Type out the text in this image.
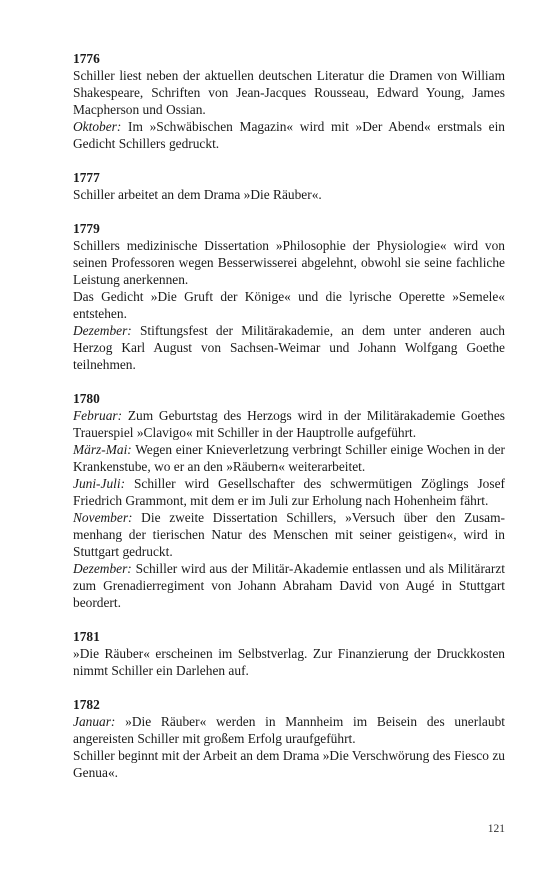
1776
Schiller liest neben der aktuellen deutschen Literatur die Dramen von William Shakespeare, Schriften von Jean-Jacques Rousseau, Edward Young, James Macpherson und Ossian.
Oktober: Im »Schwäbischen Magazin« wird mit »Der Abend« erstmals ein Gedicht Schillers gedruckt.
1777
Schiller arbeitet an dem Drama »Die Räuber«.
1779
Schillers medizinische Dissertation »Philosophie der Physiologie« wird von seinen Professoren wegen Besserwisserei abgelehnt, obwohl sie seine fachliche Leistung anerkennen.
Das Gedicht »Die Gruft der Könige« und die lyrische Operette »Semele« entstehen.
Dezember: Stiftungsfest der Militärakademie, an dem unter anderen auch Herzog Karl August von Sachsen-Weimar und Johann Wolfgang Goethe teilnehmen.
1780
Februar: Zum Geburtstag des Herzogs wird in der Militärakademie Goethes Trauerspiel »Clavigo« mit Schiller in der Hauptrolle aufgeführt.
März-Mai: Wegen einer Knieverletzung verbringt Schiller einige Wochen in der Krankenstube, wo er an den »Räubern« weiterarbeitet.
Juni-Juli: Schiller wird Gesellschafter des schwermütigen Zöglings Josef Friedrich Grammont, mit dem er im Juli zur Erholung nach Hohenheim fährt.
November: Die zweite Dissertation Schillers, »Versuch über den Zusammenhang der tierischen Natur des Menschen mit seiner geistigen«, wird in Stuttgart gedruckt.
Dezember: Schiller wird aus der Militär-Akademie entlassen und als Militärarzt zum Grenadierregiment von Johann Abraham David von Augé in Stuttgart beordert.
1781
»Die Räuber« erscheinen im Selbstverlag. Zur Finanzierung der Druckkosten nimmt Schiller ein Darlehen auf.
1782
Januar: »Die Räuber« werden in Mannheim im Beisein des unerlaubt angereisten Schiller mit großem Erfolg uraufgeführt.
Schiller beginnt mit der Arbeit an dem Drama »Die Verschwörung des Fiesco zu Genua«.
121
